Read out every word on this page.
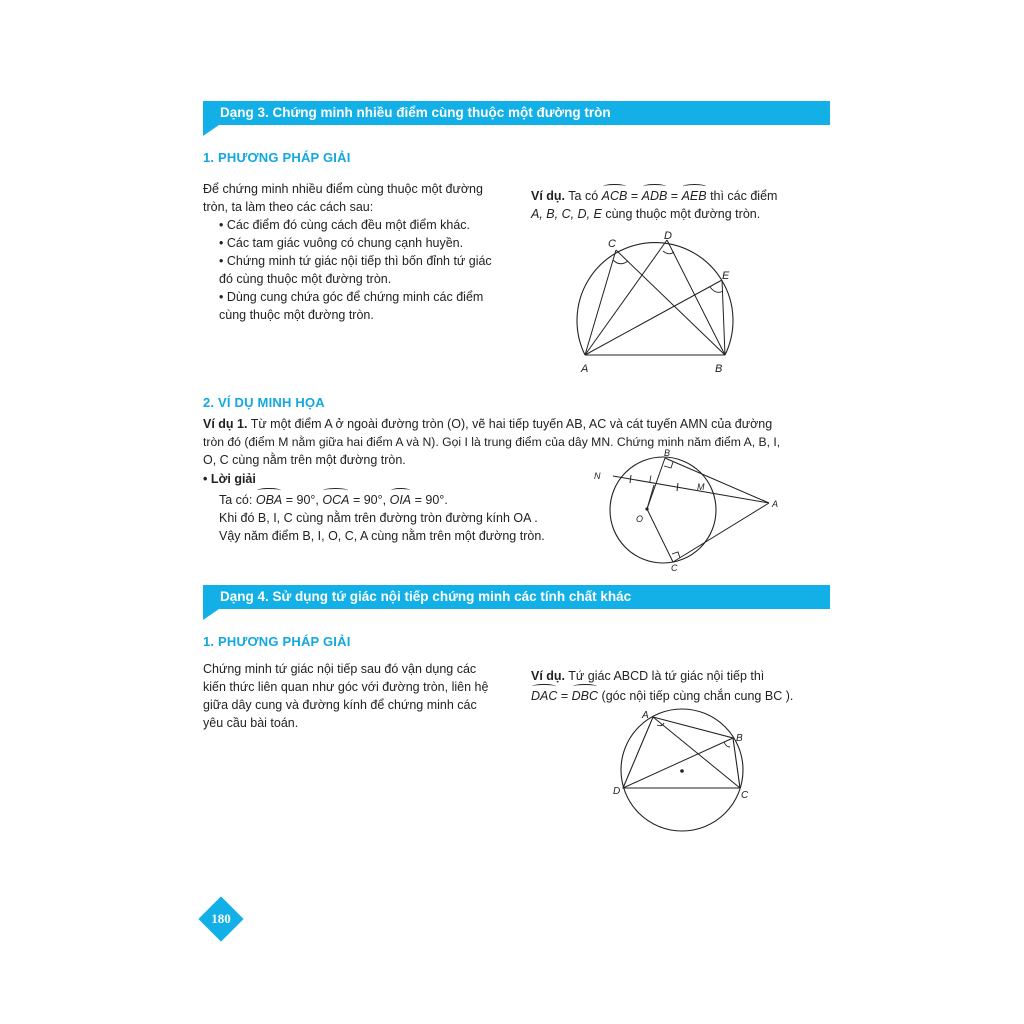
Dạng 3. Chứng minh nhiều điểm cùng thuộc một đường tròn
1. PHƯƠNG PHÁP GIẢI

Để chứng minh nhiều điểm cùng thuộc một đường

tròn, ta làm theo các cách sau:

• Các điểm đó cùng cách đều một điểm khác.

• Các tam giác vuông có chung cạnh huyền.

• Chứng minh tứ giác nội tiếp thì bốn đỉnh tứ giác

đó cùng thuộc một đường tròn.

• Dùng cung chứa góc để chứng minh các điểm

cùng thuộc một đường tròn.

Ví dụ. Ta có ACB = ADB = AEB thì các điểm

A, B, C, D, E cùng thuộc một đường tròn.

C
D
E
A	B
2. VÍ DỤ MINH HỌA

Ví dụ 1. Từ một điểm A ở ngoài đường tròn (O), vẽ hai tiếp tuyến AB, AC và cát tuyến AMN của đường

tròn đó (điểm M nằm giữa hai điểm A và N). Gọi I là trung điểm của dây MN. Chứng minh năm điểm A, B, I,

O, C cùng nằm trên một đường tròn.

• Lời giải

Ta có: OBA = 90°, OCA = 90°, OIA = 90°.

Khi đó B, I, C cùng nằm trên đường tròn đường kính OA .

Vậy năm điểm B, I, O, C, A cùng nằm trên một đường tròn.

B
N	I
M
A
O
C
Dạng 4. Sử dụng tứ giác nội tiếp chứng minh các tính chất khác
1. PHƯƠNG PHÁP GIẢI

Chứng minh tứ giác nội tiếp sau đó vận dụng các

kiến thức liên quan như góc với đường tròn, liên hệ

giữa dây cung và đường kính để chứng minh các

yêu cầu bài toán.

Ví dụ. Tứ giác ABCD là tứ giác nội tiếp thì

DAC = DBC (góc nội tiếp cùng chắn cung BC ).

A
B
C
D
180
